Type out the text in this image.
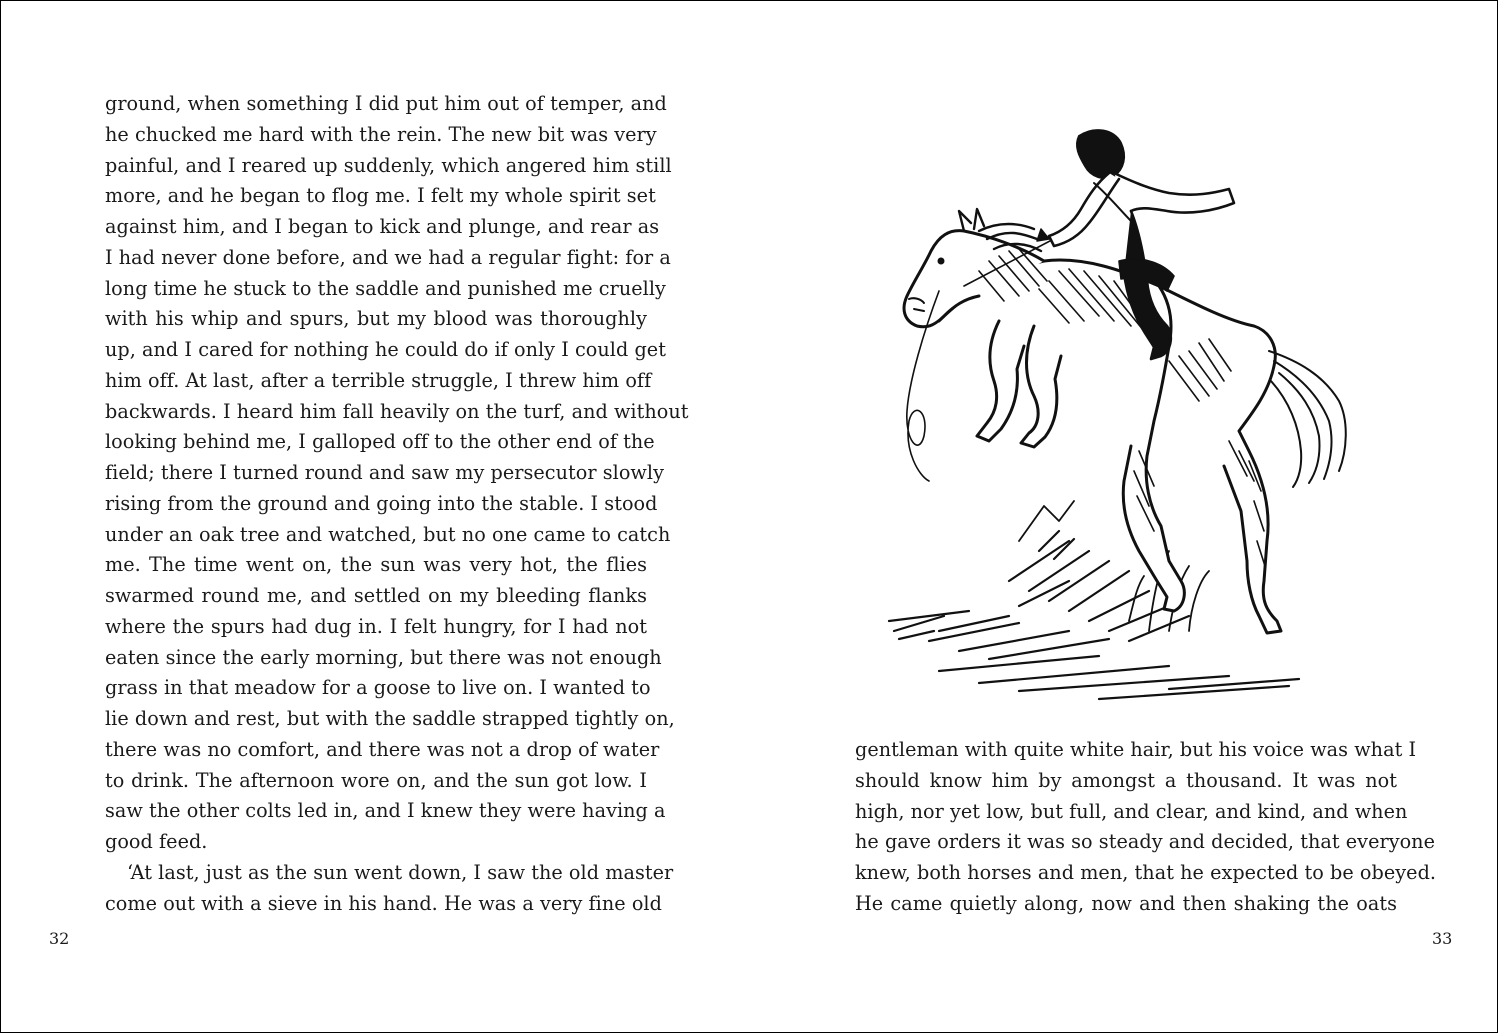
ground, when something I did put him out of temper, and
he chucked me hard with the rein. The new bit was very
painful, and I reared up suddenly, which angered him still
more, and he began to flog me. I felt my whole spirit set
against him, and I began to kick and plunge, and rear as
I had never done before, and we had a regular fight: for a
long time he stuck to the saddle and punished me cruelly
with his whip and spurs, but my blood was thoroughly
up, and I cared for nothing he could do if only I could get
him off. At last, after a terrible struggle, I threw him off
backwards. I heard him fall heavily on the turf, and without
looking behind me, I galloped off to the other end of the
field; there I turned round and saw my persecutor slowly
rising from the ground and going into the stable. I stood
under an oak tree and watched, but no one came to catch
me. The time went on, the sun was very hot, the flies
swarmed round me, and settled on my bleeding flanks
where the spurs had dug in. I felt hungry, for I had not
eaten since the early morning, but there was not enough
grass in that meadow for a goose to live on. I wanted to
lie down and rest, but with the saddle strapped tightly on,
there was no comfort, and there was not a drop of water
to drink. The afternoon wore on, and the sun got low. I
saw the other colts led in, and I knew they were having a
good feed.
‘At last, just as the sun went down, I saw the old master
come out with a sieve in his hand. He was a very fine old
32
gentleman with quite white hair, but his voice was what I
should know him by amongst a thousand. It was not
high, nor yet low, but full, and clear, and kind, and when
he gave orders it was so steady and decided, that everyone
knew, both horses and men, that he expected to be obeyed.
He came quietly along, now and then shaking the oats
33
